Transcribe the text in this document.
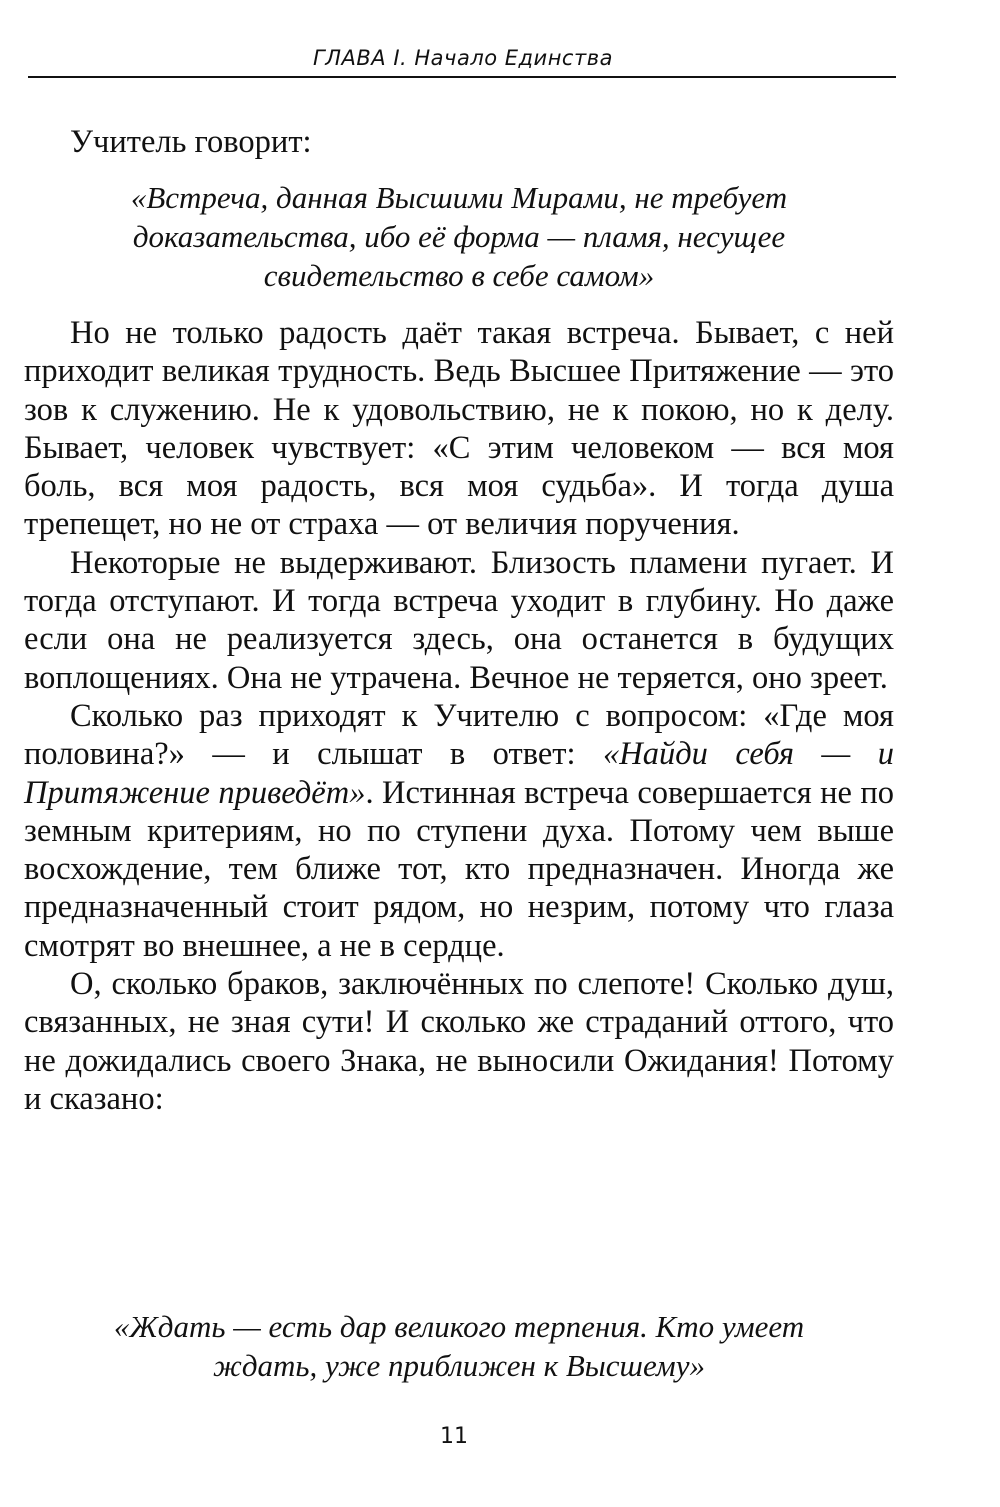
ГЛАВА I. Начало Единства
Учитель говорит:
«Встреча, данная Высшими Мирами, не требует
доказательства, ибо её форма — пламя, несущее
свидетельство в себе самом»

Но не только радость даёт такая встреча. Бывает, с ней приходит великая трудность. Ведь Высшее Притяжение — это зов к служению. Не к удовольствию, не к покою, но к делу. Бывает, человек чувствует: «С этим человеком — вся моя боль, вся моя радость, вся моя судьба». И тогда душа трепещет, но не от страха — от величия поручения.

Некоторые не выдерживают. Близость пламени пугает. И тогда отступают. И тогда встреча уходит в глубину. Но даже если она не реализуется здесь, она останется в будущих воплощениях. Она не утрачена. Вечное не теряется, оно зреет.

Сколько раз приходят к Учителю с вопросом: «Где моя половина?» — и слышат в ответ: «Найди себя — и Притяжение приведёт». Истинная встреча совершается не по земным критериям, но по ступени духа. Потому чем выше восхождение, тем ближе тот, кто предназначен. Иногда же предназначенный стоит рядом, но незрим, потому что глаза смотрят во внешнее, а не в сердце.

О, сколько браков, заключённых по слепоте! Сколько душ, связанных, не зная сути! И сколько же страданий оттого, что не дожидались своего Знака, не выносили Ожидания! Потому и сказано:

«Ждать — есть дар великого терпения. Кто умеет
ждать, уже приближен к Высшему»
11
